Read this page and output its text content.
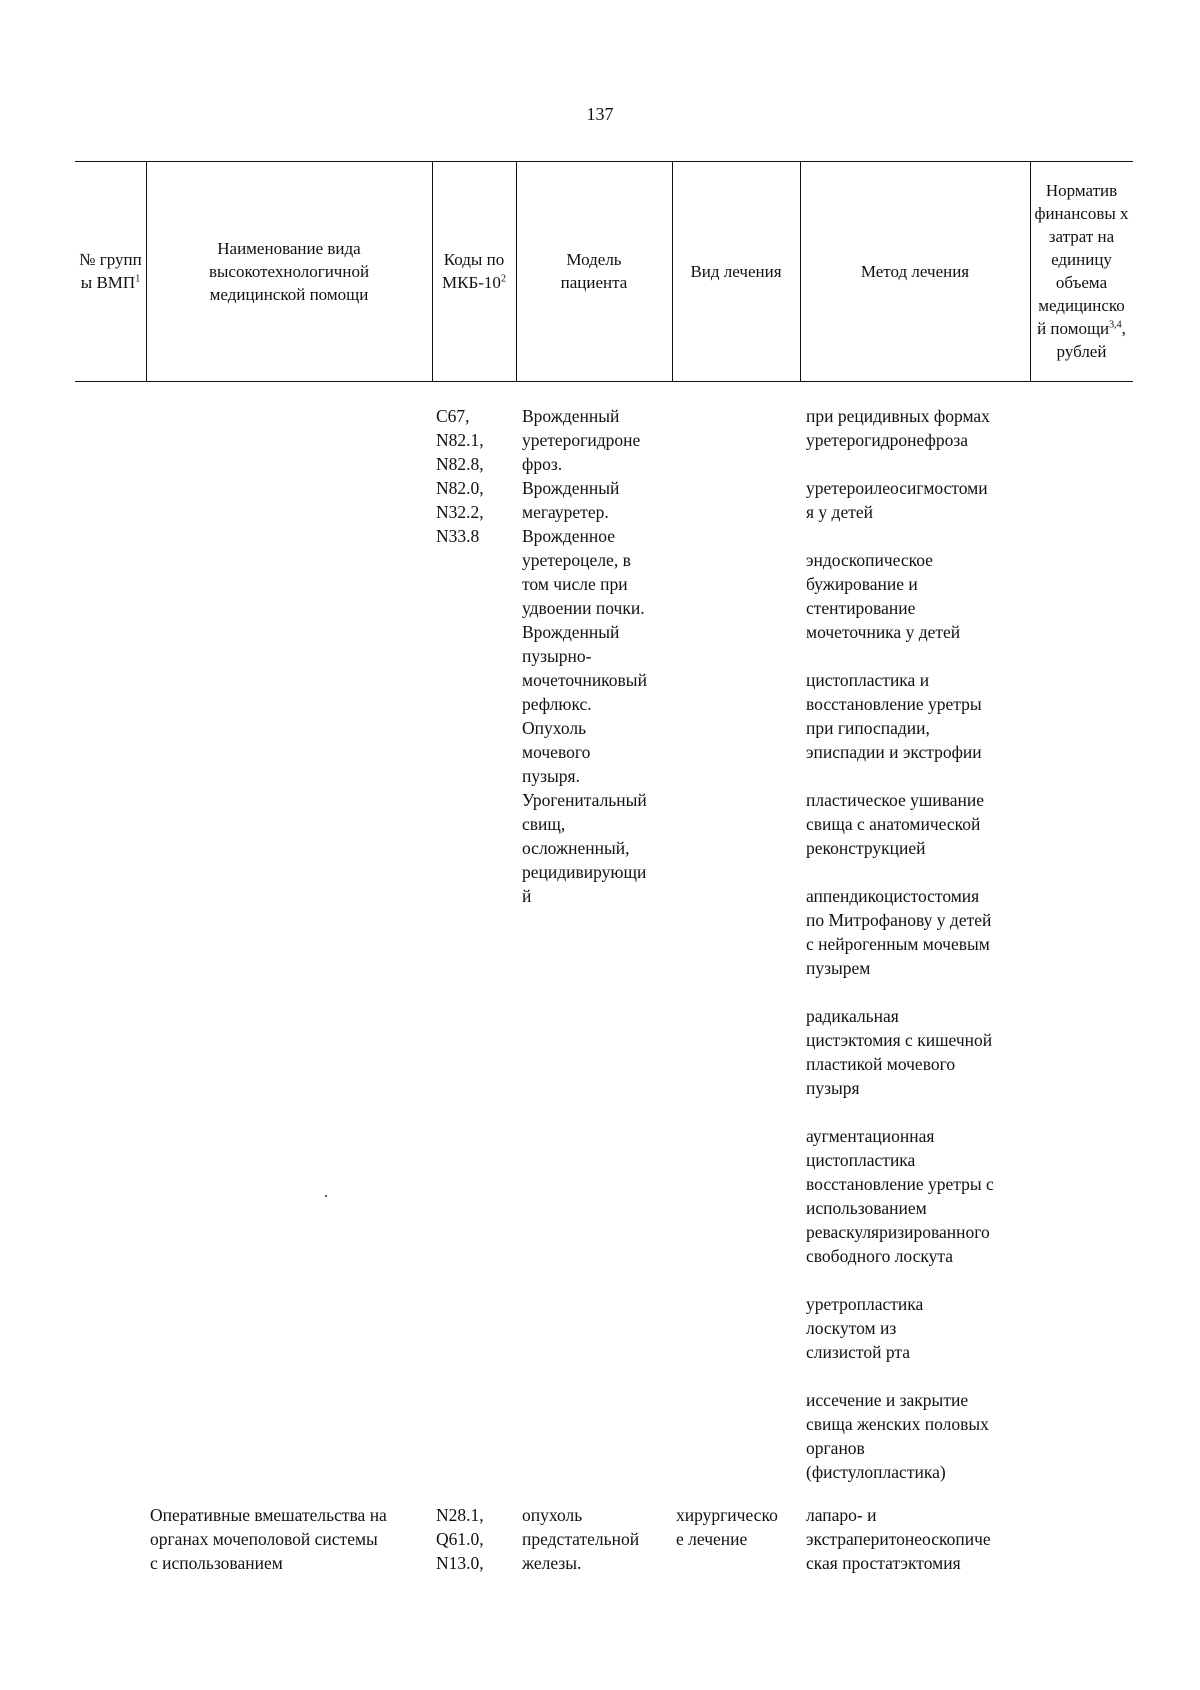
137
№ групп ы ВМП$^1$
Наименование вида высокотехнологичной медицинской помощи
Коды по МКБ-$10^2$
Модель пациента
Вид лечения	Метод лечения
Норматив финансовы х затрат на единицу объема медицинско й помощи$^{3,4}$, рублей
С67,
N82.1,
N82.8,
N82.0,
N32.2,
N33.8
Врожденный
уретерогидроне
фроз.
Врожденный
мегауретер.
Врожденное
уретероцеле, в
том числе при
удвоении почки.
Врожденный
пузырно-
мочеточниковый
рефлюкс.
Опухоль
мочевого
пузыря.
Урогенитальный
свищ,
осложненный,
рецидивирующи
й
при рецидивных формах
уретерогидронефроза
уретероилеосигмостоми
я у детей
эндоскопическое
бужирование и
стентирование
мочеточника у детей
цистопластика и
восстановление уретры
при гипоспадии,
эписпадии и экстрофии
пластическое ушивание
свища с анатомической
реконструкцией
аппендикоцистостомия
по Митрофанову у детей
с нейрогенным мочевым
пузырем
радикальная
цистэктомия с кишечной
пластикой мочевого
пузыря
аугментационная
цистопластика
восстановление уретры с
использованием
реваскуляризированного
свободного лоскута
уретропластика
лоскутом из
слизистой рта
иссечение и закрытие
свища женских половых
органов
(фистулопластика)
Оперативные вмешательства на
органах мочеполовой системы
с использованием
N28.1,
Q61.0,
N13.0,
опухоль
предстательной
железы.
хирургическо
е лечение
лапаро- и
экстраперитонеоскопиче
ская простатэктомия
